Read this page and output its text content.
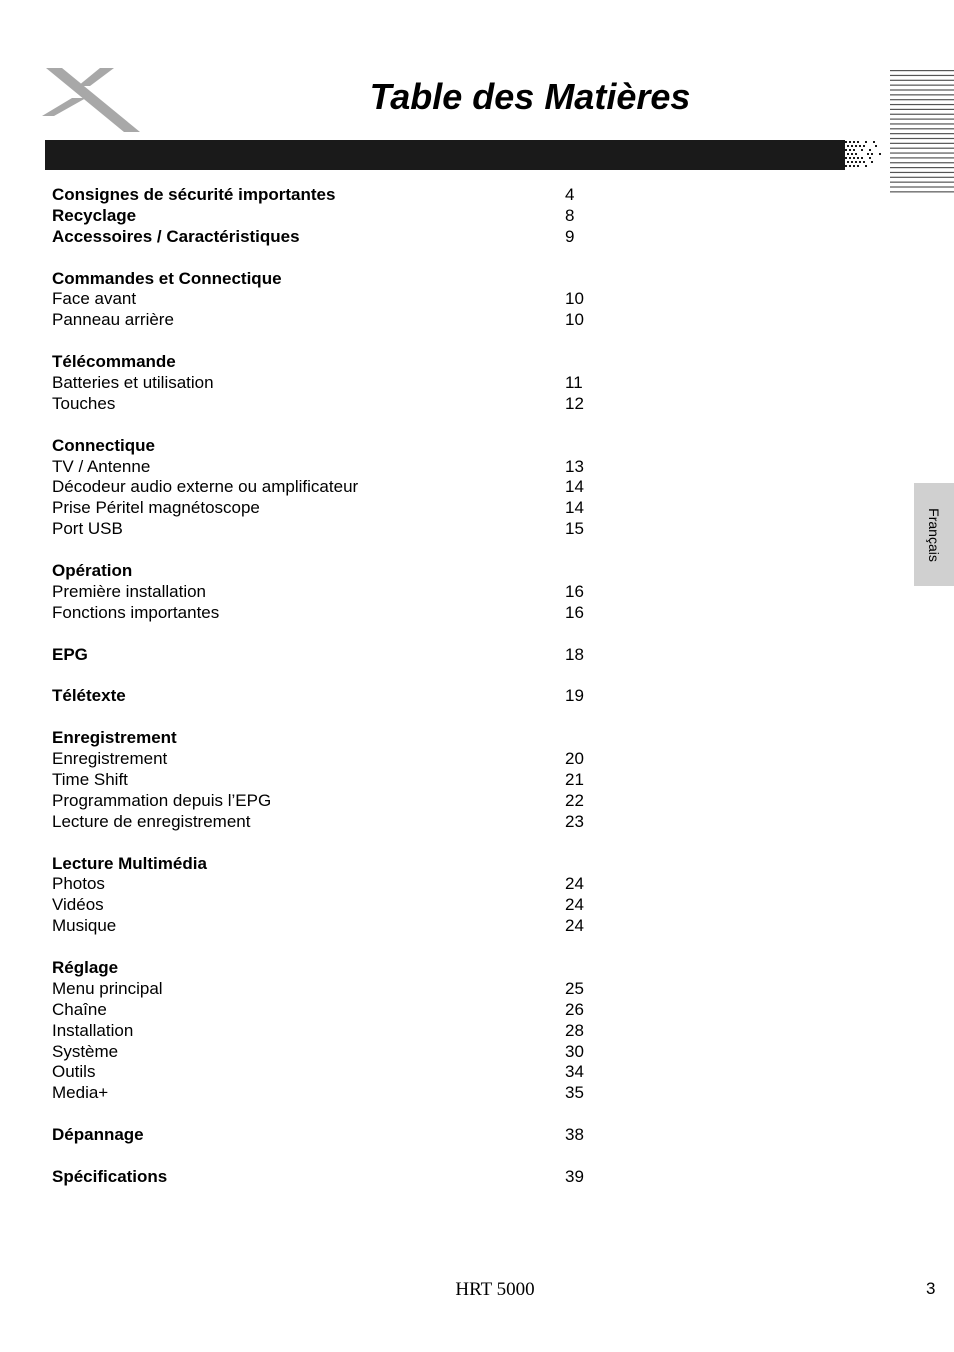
Table des Matières
Français
Consignes de sécurité importantes	4
Recyclage	8
Accessoires / Caractéristiques	9
Commandes et Connectique
Face avant	10
Panneau arrière	10
Télécommande
Batteries et utilisation	11
Touches	12
Connectique
TV / Antenne	13
Décodeur audio externe ou amplificateur	14
Prise Péritel magnétoscope	14
Port USB	15
Opération
Première installation	16
Fonctions importantes	16
EPG	18
Télétexte	19
Enregistrement
Enregistrement	20
Time Shift	21
Programmation depuis l’EPG	22
Lecture de enregistrement	23
Lecture Multimédia
Photos	24
Vidéos	24
Musique	24
Réglage
Menu principal	25
Chaîne	26
Installation	28
Système	30
Outils	34
Media+	35
Dépannage	38
Spécifications	39
HRT 5000	3
